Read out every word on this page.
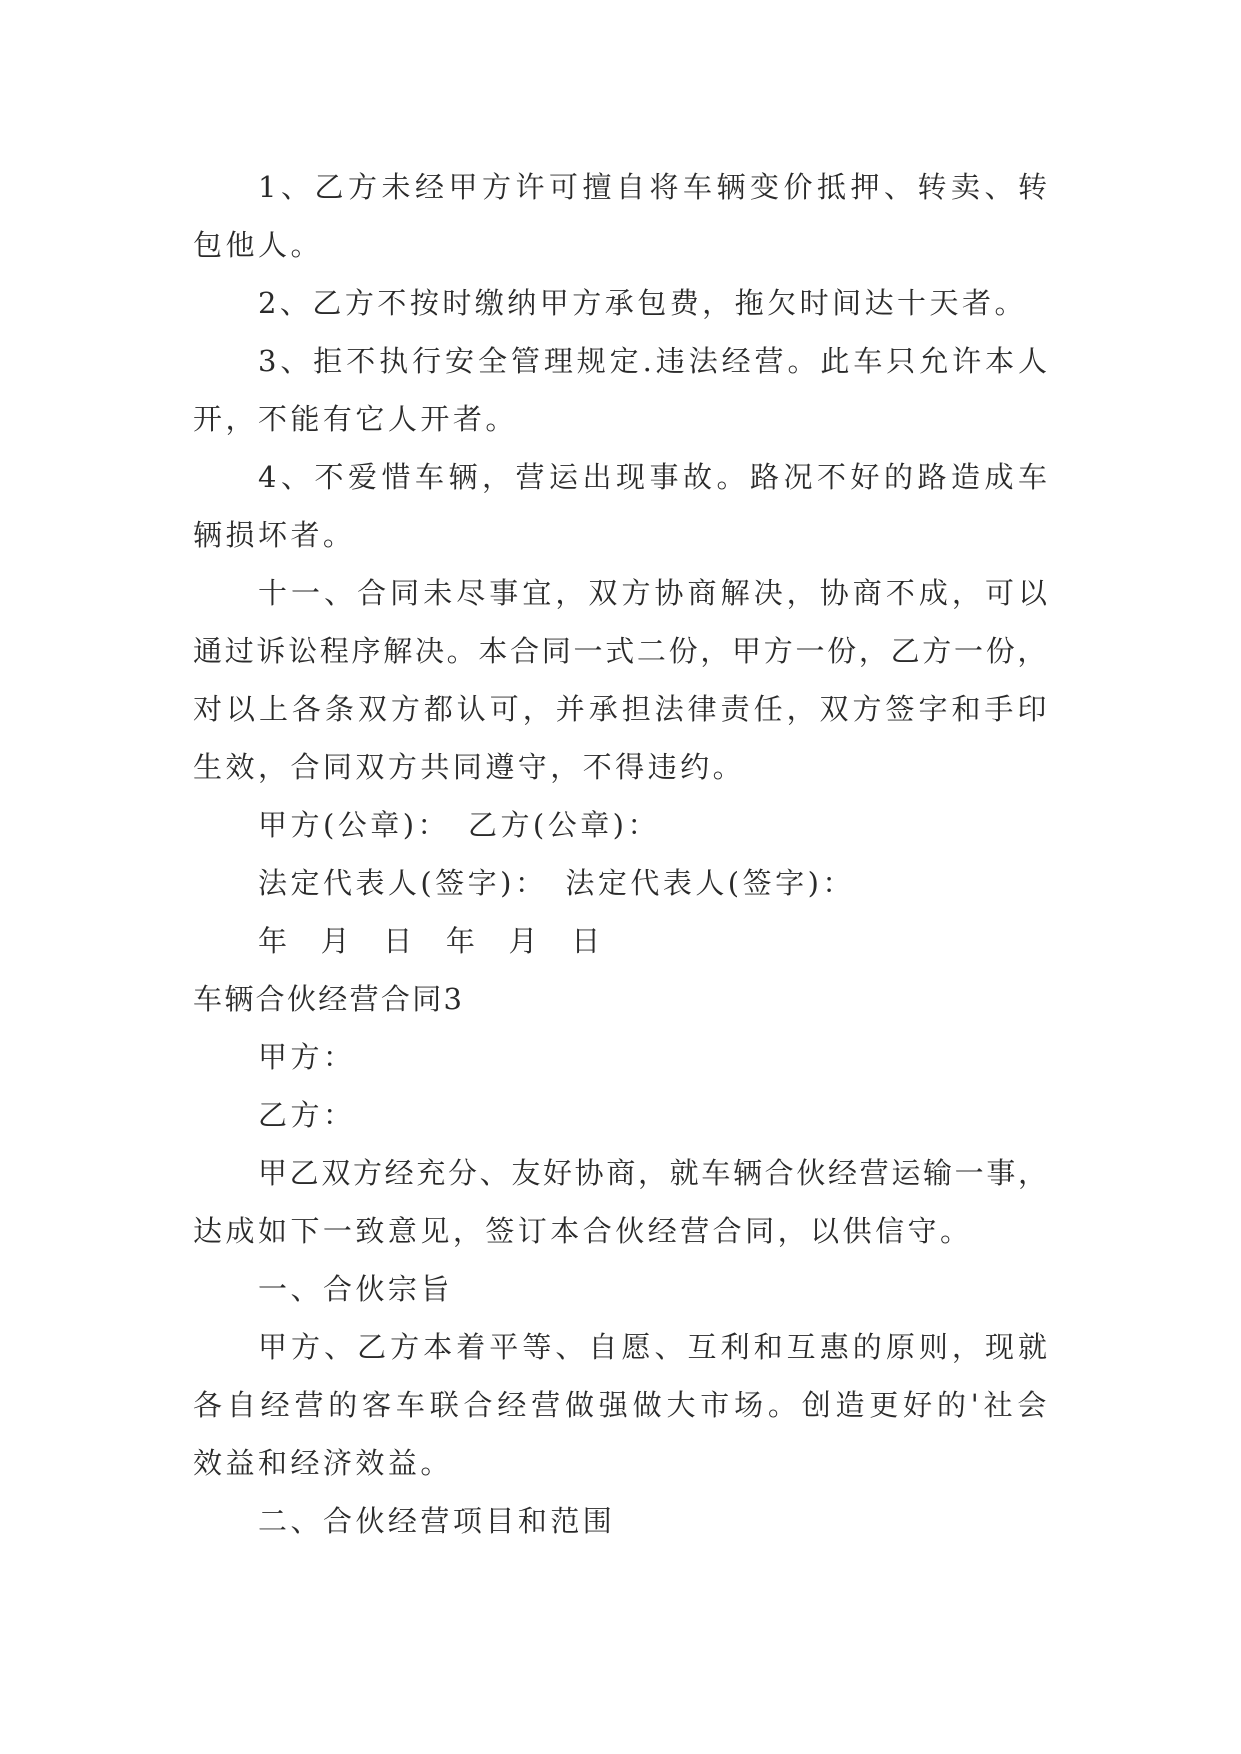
1、乙方未经甲方许可擅自将车辆变价抵押、转卖、转

包他人。

2、乙方不按时缴纳甲方承包费，拖欠时间达十天者。

3、拒不执行安全管理规定.违法经营。此车只允许本人

开，不能有它人开者。

4、不爱惜车辆，营运出现事故。路况不好的路造成车

辆损坏者。

十一、合同未尽事宜，双方协商解决，协商不成，可以

通过诉讼程序解决。本合同一式二份，甲方一份，乙方一份，

对以上各条双方都认可，并承担法律责任，双方签字和手印

生效，合同双方共同遵守，不得违约。

甲方(公章)：　乙方(公章)：

法定代表人(签字)：　法定代表人(签字)：

年　月　日　年　月　日

车辆合伙经营合同3

甲方：

乙方：

甲乙双方经充分、友好协商，就车辆合伙经营运输一事，

达成如下一致意见，签订本合伙经营合同，以供信守。

一、合伙宗旨

甲方、乙方本着平等、自愿、互利和互惠的原则，现就

各自经营的客车联合经营做强做大市场。创造更好的'社会

效益和经济效益。

二、合伙经营项目和范围
